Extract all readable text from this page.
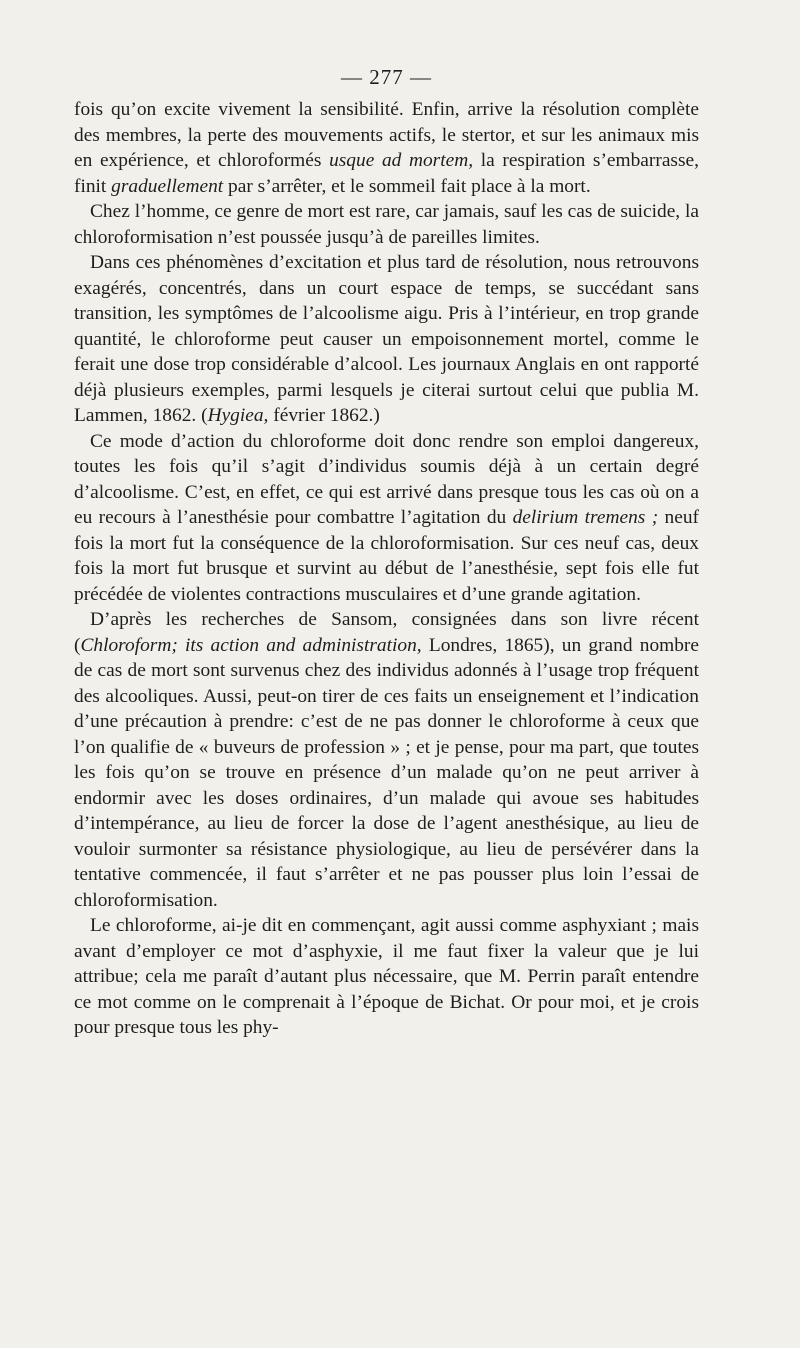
— 277 —

fois qu’on excite vivement la sensibilité. Enfin, arrive la résolution complète des membres, la perte des mouvements actifs, le stertor, et sur les animaux mis en expérience, et chloroformés usque ad mortem, la respiration s’embarrasse, finit graduellement par s’arrêter, et le sommeil fait place à la mort.

Chez l’homme, ce genre de mort est rare, car jamais, sauf les cas de suicide, la chloroformisation n’est poussée jusqu’à de pareilles limites.

Dans ces phénomènes d’excitation et plus tard de résolution, nous retrouvons exagérés, concentrés, dans un court espace de temps, se succédant sans transition, les symptômes de l’alcoolisme aigu. Pris à l’intérieur, en trop grande quantité, le chloroforme peut causer un empoisonnement mortel, comme le ferait une dose trop considérable d’alcool. Les journaux Anglais en ont rapporté déjà plusieurs exemples, parmi lesquels je citerai surtout celui que publia M. Lammen, 1862. (Hygiea, février 1862.)

Ce mode d’action du chloroforme doit donc rendre son emploi dangereux, toutes les fois qu’il s’agit d’individus soumis déjà à un certain degré d’alcoolisme. C’est, en effet, ce qui est arrivé dans presque tous les cas où on a eu recours à l’anesthésie pour combattre l’agitation du delirium tremens ; neuf fois la mort fut la conséquence de la chloroformisation. Sur ces neuf cas, deux fois la mort fut brusque et survint au début de l’anesthésie, sept fois elle fut précédée de violentes contractions musculaires et d’une grande agitation.

D’après les recherches de Sansom, consignées dans son livre récent (Chloroform; its action and administration, Londres, 1865), un grand nombre de cas de mort sont survenus chez des individus adonnés à l’usage trop fréquent des alcooliques. Aussi, peut-on tirer de ces faits un enseignement et l’indication d’une précaution à prendre: c’est de ne pas donner le chloroforme à ceux que l’on qualifie de « buveurs de profession » ; et je pense, pour ma part, que toutes les fois qu’on se trouve en présence d’un malade qu’on ne peut arriver à endormir avec les doses ordinaires, d’un malade qui avoue ses habitudes d’intempérance, au lieu de forcer la dose de l’agent anesthésique, au lieu de vouloir surmonter sa résistance physiologique, au lieu de persévérer dans la tentative commencée, il faut s’arrêter et ne pas pousser plus loin l’essai de chloroformisation.

Le chloroforme, ai-je dit en commençant, agit aussi comme asphyxiant ; mais avant d’employer ce mot d’asphyxie, il me faut fixer la valeur que je lui attribue; cela me paraît d’autant plus nécessaire, que M. Perrin paraît entendre ce mot comme on le comprenait à l’époque de Bichat. Or pour moi, et je crois pour presque tous les phy-
